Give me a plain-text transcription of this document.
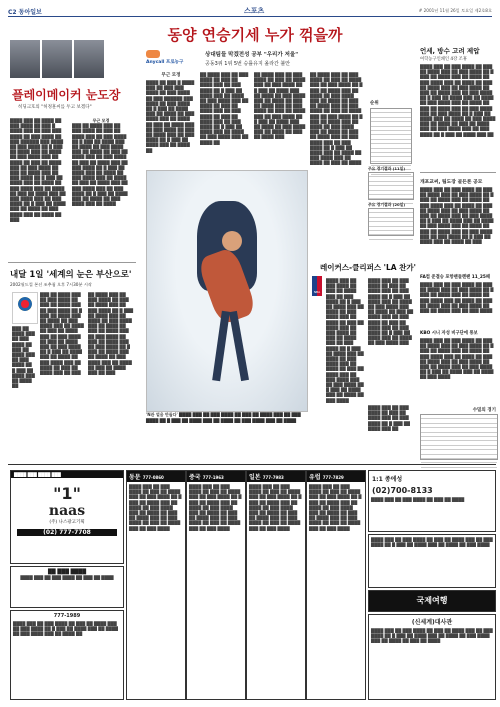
C2 동아일보	스포츠	# 2001년 11월 26일 토요일 제2호8호
플레이메이커 눈도장
히딩크호의 "허정훈씨를 두고 보겠다"
████ ███ ██ ████ ██ ███ ████ ██ ███ █ ████ ███ ██ ███ ███ ████ ██ ███ ████ ██ ███ ██████ ███ ████ ██ ███ ████ ██ █ ███ ██ ████ ███ ██ ████ ██ ███ ████ ███ ██ ████ ██ ███ ██ ████ ███ ██ ███ ████ ██ ███ ██ ████ ███ ██ ███ ████ ██ █ ███ ██ ████ ███ ██ ████ ██ ███ ████ ███ ██ ████ ██ ███ ██ ████ ███ ██ ███ ████ ███ ██ ███ ████ ██ █ ███ ██ ████ ███ ██ ████ ██ ███ ████ ███ ██ ████ ██ ███
무근 모경
███ ██ ████ ███ ██ ███ ████ ██ ███ ██ ████ ███ ██ ███ ████ ██ █ ███ ██ ████ ███ ██ ████ ██ ███ ████ ███ ██ ████ ██ ███ ██ ████ ███ ██ ███ ████ ██ ███ ██ ████ ███ ██ ███ ████ ██ █ ███ ██ ████ ███ ██ ████ ██ ███ ████ ███ ██ ████ ██ ███ ██ ████ ███ ██ ███ ████ ███ ██ ███ ████ ██ █ ███ ██ ████ ███ ██ ████ ██ ███ ████ ███ ██ ████
내달 1일 '세계의 눈은 부산으로'
2002월드컵 본선 조추첨 오후 7시30분 시작
███ ██ ████ ███ ██ ███ ████ ██ ███ ██ ████ ███ ██ ███ ████ ██ █ ███ ██ ████ ███ ██ ████ ██ ███ ████ ███ ██ ████ ██ ███ ██ ████ ███ ██ ███ ████ ██ ███ ██ ████ ███ ██ ███ ████ ██ █ ███ ██ ████ ███ ██ ████ ██ ███ ████ ███ ██ ████ ██ ███ ██ ████ ███ ██ ███
██ ████ ███ ██ ███ ████ ██ ███ ██ ████ ███ ██ ███ ████ ██ █ ███ ██ ████ ███ ██ ████ ██ ███ ████ ███ ██ ████ ██ ███ ██ ████ ███ ██ ███ ████ ██ ███ ██ ████ ███ ██ ███ ████ ██ █ ███ ██ ████ ███ ██ ████ ██ ███ ████ ███ ██ ████ ██ ███ ██ ████ ███ ██ ███
███ ██ ████ ███ ██ ███ ████ ██ ███ ██ ████ ███ ██ ███ ████ ██ █ ███ ██ ████ ███ ██ ████ ██
동양 연승기세 누가 꺾을까
Anycall 프로농구
상대팀들 막겠전성 공부 "우리가 저울"
공동3위 1위 5번 승률유지 올라간 불안
무근 모정
████ ██ ███ █ ████ ███ ██ ███ ███ ████ ██ ███ ████ ██ ███ ██████ ███ ████ ██ ███ ████ ██ █ ███ ██ ████ ███ ██ ████ ██ ███ ████ ███ ██ ████ ██ ███ ██ ████ ███ ██ ███ ████ ██ ███ ██ ████ ███ ██ ███ ████ ██ █ ███ ██ ████ ███ ██ ████ ██
██ ████ ███ ██ ███ ████ ██ ███ ██ ████ ███ ██ ███ ████ ██ █ ███ ██ ████ ███ ██ ████ ██ ███ ████ ███ ██ ████ ██ ███ ██ ████ ███ ██ ███ ████ ██ ███ ██ ████ ███ ██ ███ ████ ██ █ ███ ██ ████ ███ ██ ████ ██ ███ ████ ███ ██ ████ ██
██ ████ ███ ██ ███ ████ ██ ███ ██ ████ ███ ██ ███ ████ ██ █ ███ ██ ████ ███ ██ ████ ██ ███ ████ ███ ██ ████ ██ ███ ██ ████ ███ ██ ███ ████ ██ ███ ██ ████ ███ ██ ███ ████ ██ █ ███ ██ ████ ███ ██ ████ ██ ███ ████ ███ ██ ████ ██ ███ ██ ████ ███
██ ████ ███ ██ ███ ████ ██ ███ ██ ████ ███ ██ ███ ████ ██ █ ███ ██ ████ ███ ██ ████ ██ ███ ████ ███ ██ ████ ██ ███ ██ ████ ███ ██ ███ ████ ██ ███ ██ ████ ███ ██ ███ ████ ██ █ ███ ██ ████ ███ ██ ████ ██ ███ ████ ███ ██ ████ ██ ███ ██ ████ ███ ██ ███ ████ ███ ██ ███ ████ ██ █ ███ ██ ████ ███ ██ ████ ██ ███ ████ ███ ██ ████ ██ ███ ██ ████
'N관 얼음 만들다' ████ ███ ██ ███ ████ ██ ███ ██ ████ ███ ██ ███ ████ ██ █ ███ ██ ████ ███ ██ ████ ██ ███ ████ ███ ██ ████
순위
주요 경기결과 (11일)
주요 경기결과 (20일)
언세, 방수 고려 제압
여학농구인쇄인 4강 조휴
████ ███ ██ ███ ████ ██ ███ ██ ████ ███ ██ ███ ████ ██ █ ███ ██ ████ ███ ██ ████ ██ ███ ████ ███ ██ ████ ██ ███ ██ ████ ███ ██ ███ ████ ██ ███ ██ ████ ███ ██ ███ ████ ██ █ ███ ██ ████ ███ ██ ████ ██ ███ ████ ███ ██ ████ ██ ███ ██ ████ ███ ██ ███ ████ ███ ██ ███ ████ ██ █ ███ ██ ████ ███ ██ ████ ██ ███ ████ ███ ██ ████ ██ ███ ██ ████ ███ ██ ███ ████ ███ ██ ███ ████ ██ █ ███ ██ ████ ███ ██
개포교씨, 팀도장 골든론 공모
████ ███ ██ ███ ████ ██ ███ ██ ████ ███ ██ ███ ████ ██ █ ███ ██ ████ ███ ██ ████ ██ ███ ████ ███ ██ ████ ██ ███ ██ ████ ███ ██ ███ ████ ██ ███ ██ ████ ███ ██ ███ ████ ██ █ ███ ██ ████ ███ ██ ████ ██ ███ ████ ███ ██ ████ ██ ███ ██ ████ ███ ██ ███ ████ ███ ██ ███ ████ ██ █ ███ ██ ████ ███ ██ ████ ██ ███
FA컵 준결승 포항팬들렌팬 11_25패
████ ███ ██ ███ ████ ██ ███ ██ ████ ███ ██ ███ ████ ██ █ ███ ██ ████ ███ ██ ████ ██ ███ ████ ███ ██ ████ ██ ███ ██ ████ ███ ██ ███ ████ ██ ███ ██ ████ ███ ██ ███ ████
KBO 시니 자성 비구단에 통보
████ ███ ██ ███ ████ ██ ███ ██ ████ ███ ██ ███ ████ ██ █ ███ ██ ████ ███ ██ ████ ██ ███ ████ ███ ██ ████ ██ ███ ██ ████ ███ ██ ███ ████ ██ ███ ██ ████ ███ ██ ███ ████ ██ █ ███ ██ ████ ███ ██ ████ ██ ███ ████
수밀의 경기
레이커스-클리퍼스 'LA 찬가'
NBA
████ ███ ██ ███ ████ ██ ███ ██ ████ ███ ██ ███ ████ ██ █ ███ ██ ████ ███ ██ ████ ██ ███ ████ ███ ██ ████ ██ ███ ██ ████ ███ ██ ███ ████ ██ ███ ██ ████ ███ ██ ███ ████ ██ █ ███ ██ ████ ███ ██ ████ ██ ███ ████ ███ ██ ████ ██ ███ ██ ████ ███ ██ ███ ████ ███ ██ ███ ████ ██ █ ███ ██ ████ ███ ██ ████ ██ ███ ████
████ ███ ██ ███ ████ ██ ███ ██ ████ ███ ██ ███ ████ ██ █ ███ ██ ████ ███ ██ ████ ██ ███ ████ ███ ██ ████ ██ ███ ██ ████ ███ ██ ███ ████ ██ ███ ██ ████ ███ ██ ███ ████ ██ █ ███ ██ ████ ███ ██ ████ ██ ███ ████ ███
████ ███ ██ ███ ████ ██ ███ ██ ████ ███ ██ ███ ████ ██ █ ███ ██ ████ ███ ██
████ ███ ████ ███
"1"
naas
(주) 나스광고기획
(02) 777-7708
██ ███ ████
████ ███ ██ ███ ████ ██ ███ ██ ████
777-1989
████ ███ ██ ███ ████ ██ ███ ██ ████ ███ ██ ███ ████ ██ █ ███ ██ ████ ███ ██ ████ ██ ███ ████ ███ ██ ████ ██
동문 777-0860
████ ███ ██ ███ ████ ██ ███ ██ ████ ███ ██ ███ ████ ██ █ ███ ██ ████ ███ ██ ████ ██ ███ ████ ███ ██ ████ ██ ███ ██ ████ ███ ██ ███ ████ ██ ███ ██ ████ ███ ██ ███ ████
중국 777-1963
████ ███ ██ ███ ████ ██ ███ ██ ████ ███ ██ ███ ████ ██ █ ███ ██ ████ ███ ██ ████ ██ ███ ████ ███ ██ ████ ██ ███ ██ ████ ███ ██ ███ ████ ██ ███ ██ ████ ███ ██ ███ ████
일본 777-7983
████ ███ ██ ███ ████ ██ ███ ██ ████ ███ ██ ███ ████ ██ █ ███ ██ ████ ███ ██ ████ ██ ███ ████ ███ ██ ████ ██ ███ ██ ████ ███ ██ ███ ████ ██ ███ ██ ████ ███ ██ ███ ████
유럽 777-7829
████ ███ ██ ███ ████ ██ ███ ██ ████ ███ ██ ███ ████ ██ █ ███ ██ ████ ███ ██ ████ ██ ███ ████ ███ ██ ████ ██ ███ ██ ████ ███ ██ ███ ████ ██ ███ ██ ████ ███ ██ ███ ████
1:1 종에성
(02)700-8133
████ ███ ██ ███ ████ ██ ███ ██ ████
████ ███ ██ ███ ████ ██ ███ ██ ████ ███ ██ ███ ████ ██ █ ███ ██ ████ ███ ██ ████ ██ ███ ████
국제여행
(신세계)대사관
████ ███ ██ ███ ████ ██ ███ ██ ████ ███ ██ ███ ████ ██ █ ███ ██ ████ ███ ██ ████ ██ ███ ████ ███ ██ ████ ██ ███ ██ ████
